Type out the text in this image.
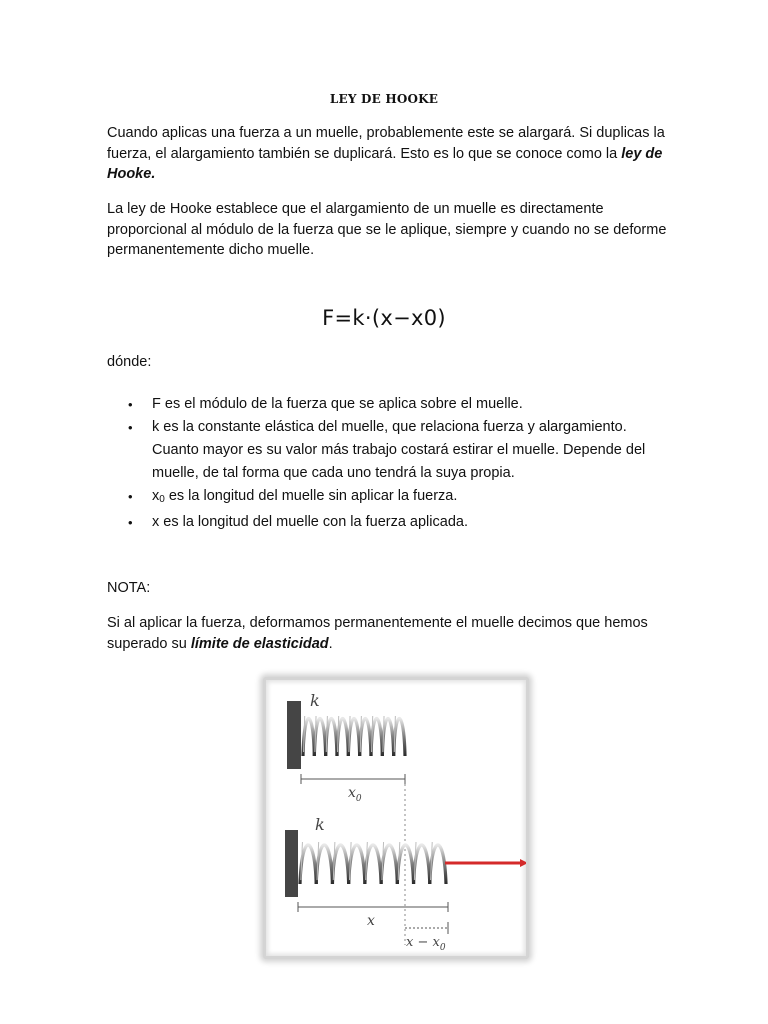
LEY DE HOOKE

Cuando aplicas una fuerza a un muelle, probablemente este se alargará. Si duplicas la fuerza, el alargamiento también se duplicará. Esto es lo que se conoce como la ley de Hooke.

La ley de Hooke establece que el alargamiento de un muelle es directamente proporcional al módulo de la fuerza que se le aplique, siempre y cuando no se deforme permanentemente dicho muelle.

F=k·(x−x0)

dónde:

• F es el módulo de la fuerza que se aplica sobre el muelle.
• k es la constante elástica del muelle, que relaciona fuerza y alargamiento. Cuanto mayor es su valor más trabajo costará estirar el muelle. Depende del muelle, de tal forma que cada uno tendrá la suya propia.
• $x_0$ es la longitud del muelle sin aplicar la fuerza.
• x es la longitud del muelle con la fuerza aplicada.

NOTA:

Si al aplicar la fuerza, deformamos permanentemente el muelle decimos que hemos superado su límite de elasticidad.

k
$x_0$
k
x
$x - x_0$
